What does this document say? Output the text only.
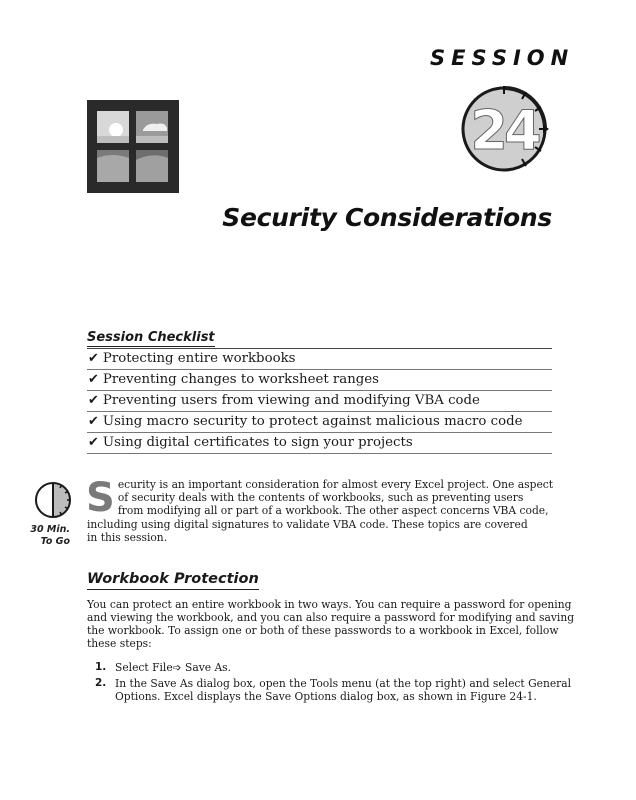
SESSION
24
Security Considerations
Session Checklist
✔ Protecting entire workbooks
✔ Preventing changes to worksheet ranges
✔ Preventing users from viewing and modifying VBA code
✔ Using macro security to protect against malicious macro code
✔ Using digital certificates to sign your projects
30 Min.
To Go
S ecurity is an important consideration for almost every Excel project. One aspect

of security deals with the contents of workbooks, such as preventing users

from modifying all or part of a workbook. The other aspect concerns VBA code,

including using digital signatures to validate VBA code. These topics are covered

in this session.

Workbook Protection

You can protect an entire workbook in two ways. You can require a password for opening

and viewing the workbook, and you can also require a password for modifying and saving

the workbook. To assign one or both of these passwords to a workbook in Excel, follow

these steps:

1. Select File➩ Save As.

2. In the Save As dialog box, open the Tools menu (at the top right) and select General

Options. Excel displays the Save Options dialog box, as shown in Figure 24-1.
